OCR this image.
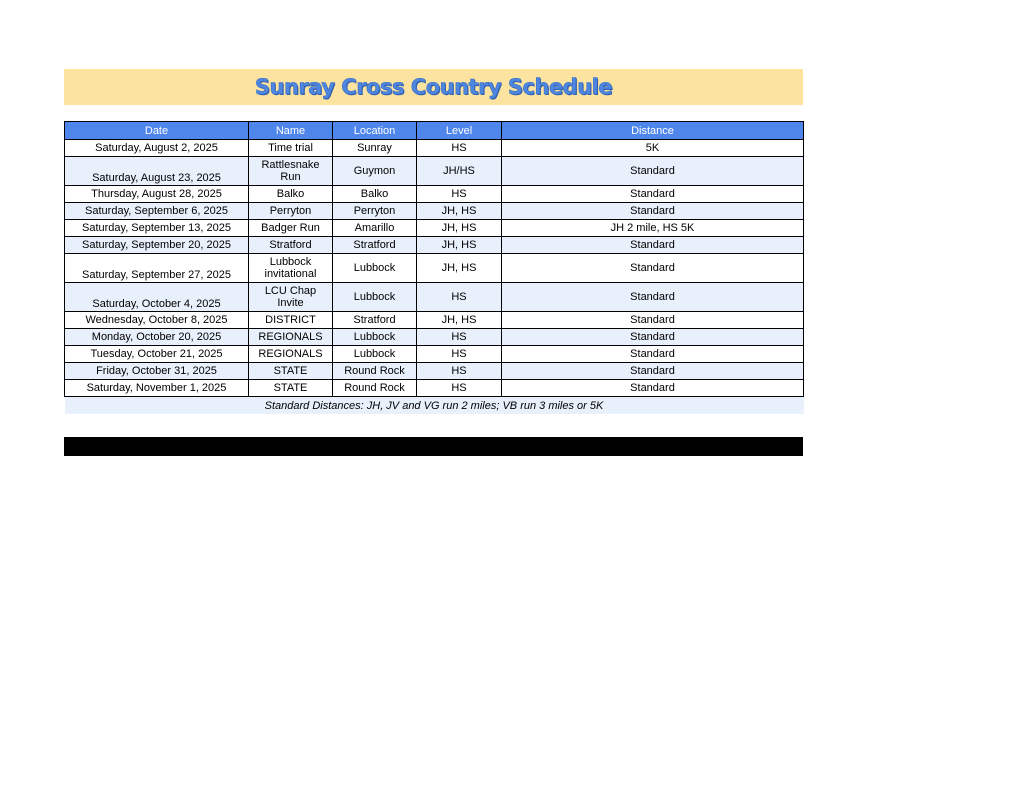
Sunray Cross Country Schedule
Date	Name	Location	Level	Distance
Saturday, August 2, 2025	Time trial	Sunray	HS	5K
Saturday, August 23, 2025	Rattlesnake Run	Guymon	JH/HS	Standard
Thursday, August 28, 2025	Balko	Balko	HS	Standard
Saturday, September 6, 2025	Perryton	Perryton	JH, HS	Standard
Saturday, September 13, 2025	Badger Run	Amarillo	JH, HS	JH 2 mile, HS 5K
Saturday, September 20, 2025	Stratford	Stratford	JH, HS	Standard
Saturday, September 27, 2025	Lubbock invitational	Lubbock	JH, HS	Standard
Saturday, October 4, 2025	LCU Chap Invite	Lubbock	HS	Standard
Wednesday, October 8, 2025	DISTRICT	Stratford	JH, HS	Standard
Monday, October 20, 2025	REGIONALS	Lubbock	HS	Standard
Tuesday, October 21, 2025	REGIONALS	Lubbock	HS	Standard
Friday, October 31, 2025	STATE	Round Rock	HS	Standard
Saturday, November 1, 2025	STATE	Round Rock	HS	Standard
Standard Distances: JH, JV and VG run 2 miles; VB run 3 miles or 5K				
